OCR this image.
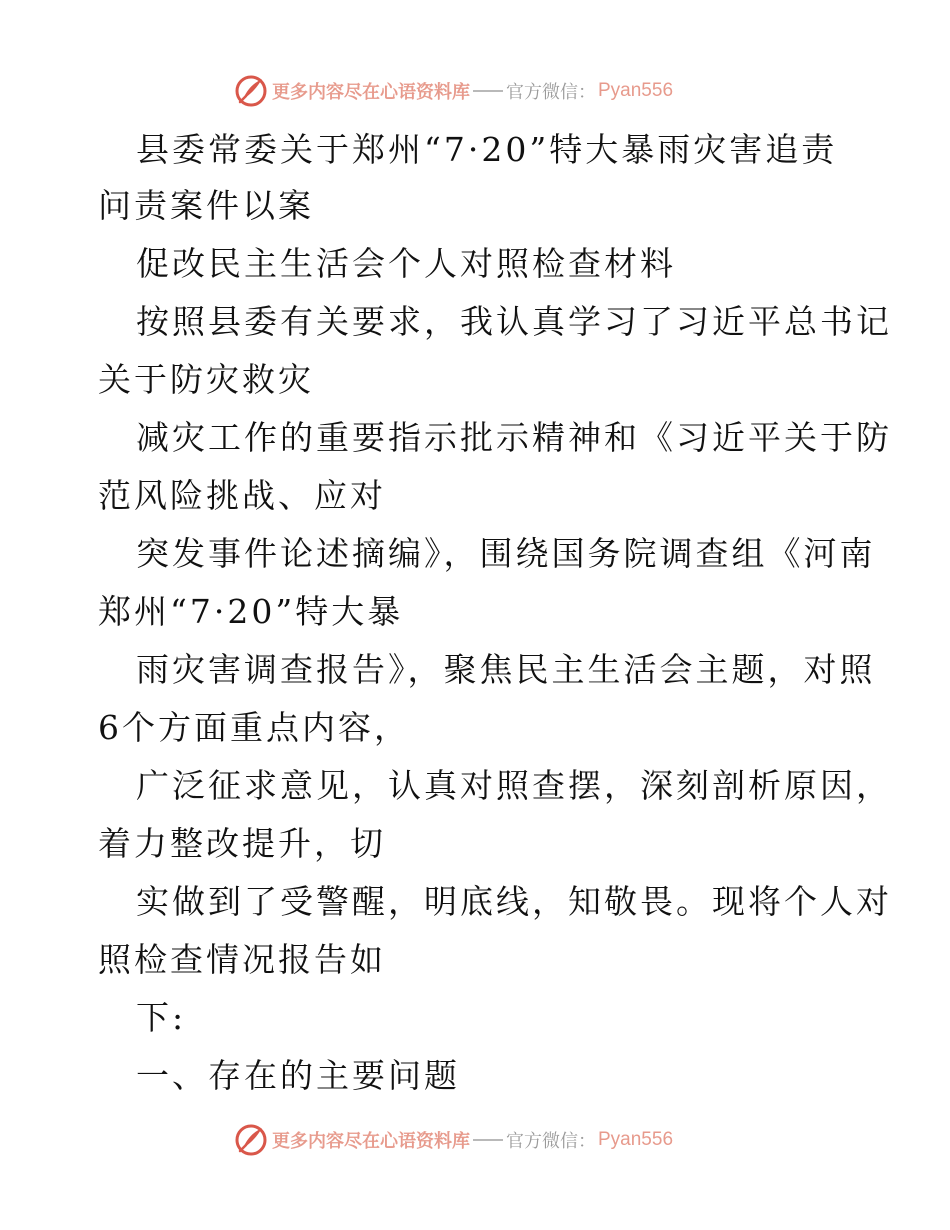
更多内容尽在心语资料库 官方微信： Pyan556
县委常委关于郑州“7·20”特大暴雨灾害追责
问责案件以案
促改民主生活会个人对照检查材料
按照县委有关要求，我认真学习了习近平总书记
关于防灾救灾
减灾工作的重要指示批示精神和《习近平关于防
范风险挑战、应对
突发事件论述摘编》，围绕国务院调查组《河南
郑州“7·20”特大暴
雨灾害调查报告》，聚焦民主生活会主题，对照
6个方面重点内容，
广泛征求意见，认真对照查摆，深刻剖析原因，
着力整改提升，切
实做到了受警醒，明底线，知敬畏。现将个人对
照检查情况报告如
下:
一、存在的主要问题
更多内容尽在心语资料库 官方微信： Pyan556
